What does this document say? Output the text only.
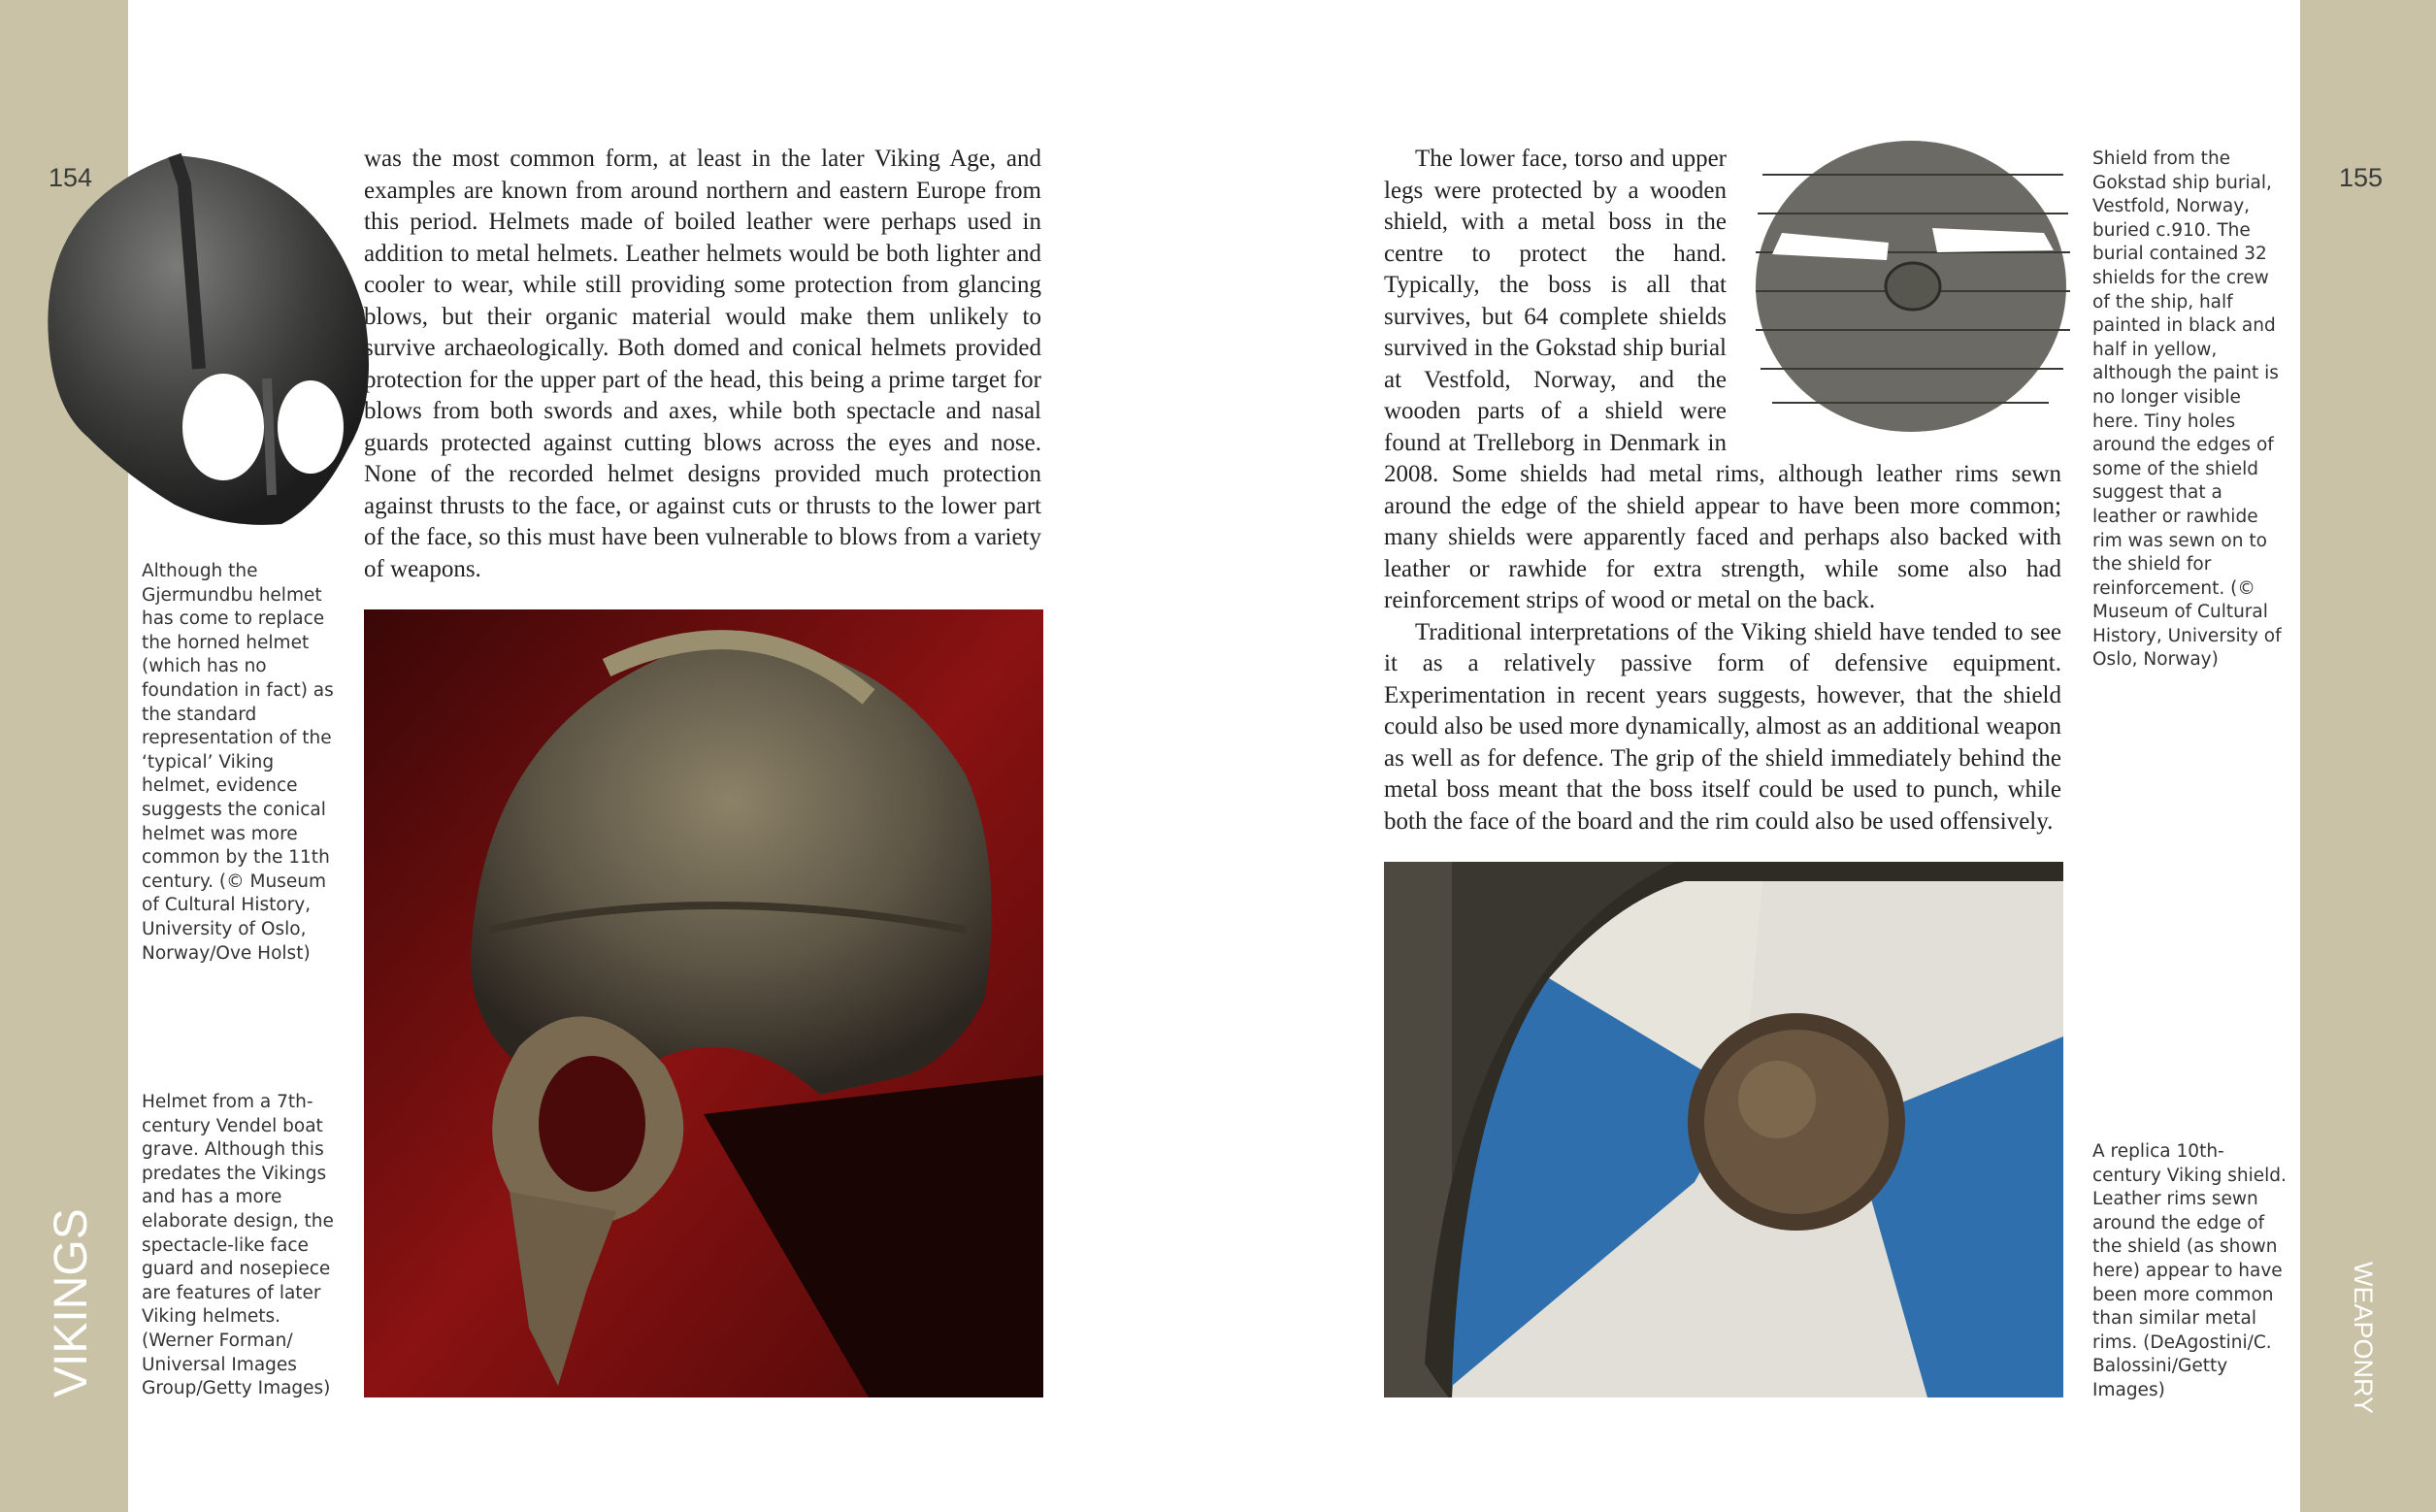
154	155
VIKINGS	WEAPONRY

was the most common form, at least in the later Viking Age, and examples are known from around northern and eastern Europe from this period. Helmets made of boiled leather were perhaps used in addition to metal helmets. Leather helmets would be both lighter and cooler to wear, while still providing some protection from glancing blows, but their organic material would make them unlikely to survive archaeologically. Both domed and conical helmets provided protection for the upper part of the head, this being a prime target for blows from both swords and axes, while both spectacle and nasal guards protected against cutting blows across the eyes and nose. None of the recorded helmet designs provided much protection against thrusts to the face, or against cuts or thrusts to the lower part of the face, so this must have been vulnerable to blows from a variety of weapons.

Although the Gjermundbu helmet has come to replace the horned helmet (which has no foundation in fact) as the standard representation of the ‘typical’ Viking helmet, evidence suggests the conical helmet was more common by the 11th century. (© Museum of Cultural History, University of Oslo, Norway/Ove Holst)
Helmet from a 7th-century Vendel boat grave. Although this predates the Vikings and has a more elaborate design, the spectacle-like face guard and nosepiece are features of later Viking helmets. (Werner Forman/ Universal Images Group/Getty Images)

The lower face, torso and upper legs were protected by a wooden shield, with a metal boss in the centre to protect the hand. Typically, the boss is all that survives, but 64 complete shields survived in the Gokstad ship burial at Vestfold, Norway, and the wooden parts of a shield were found at Trelleborg in Denmark in 2008. Some shields had metal rims, although leather rims sewn around the edge of the shield appear to have been more common; many shields were apparently faced and perhaps also backed with leather or rawhide for extra strength, while some also had reinforcement strips of wood or metal on the back.

Traditional interpretations of the Viking shield have tended to see it as a relatively passive form of defensive equipment. Experimentation in recent years suggests, however, that the shield could also be used more dynamically, almost as an additional weapon as well as for defence. The grip of the shield immediately behind the metal boss meant that the boss itself could be used to punch, while both the face of the board and the rim could also be used offensively.

Shield from the Gokstad ship burial, Vestfold, Norway, buried c.910. The burial contained 32 shields for the crew of the ship, half painted in black and half in yellow, although the paint is no longer visible here. Tiny holes around the edges of some of the shield suggest that a leather or rawhide rim was sewn on to the shield for reinforcement. (© Museum of Cultural History, University of Oslo, Norway)
A replica 10th-century Viking shield. Leather rims sewn around the edge of the shield (as shown here) appear to have been more common than similar metal rims. (DeAgostini/C. Balossini/Getty Images)
